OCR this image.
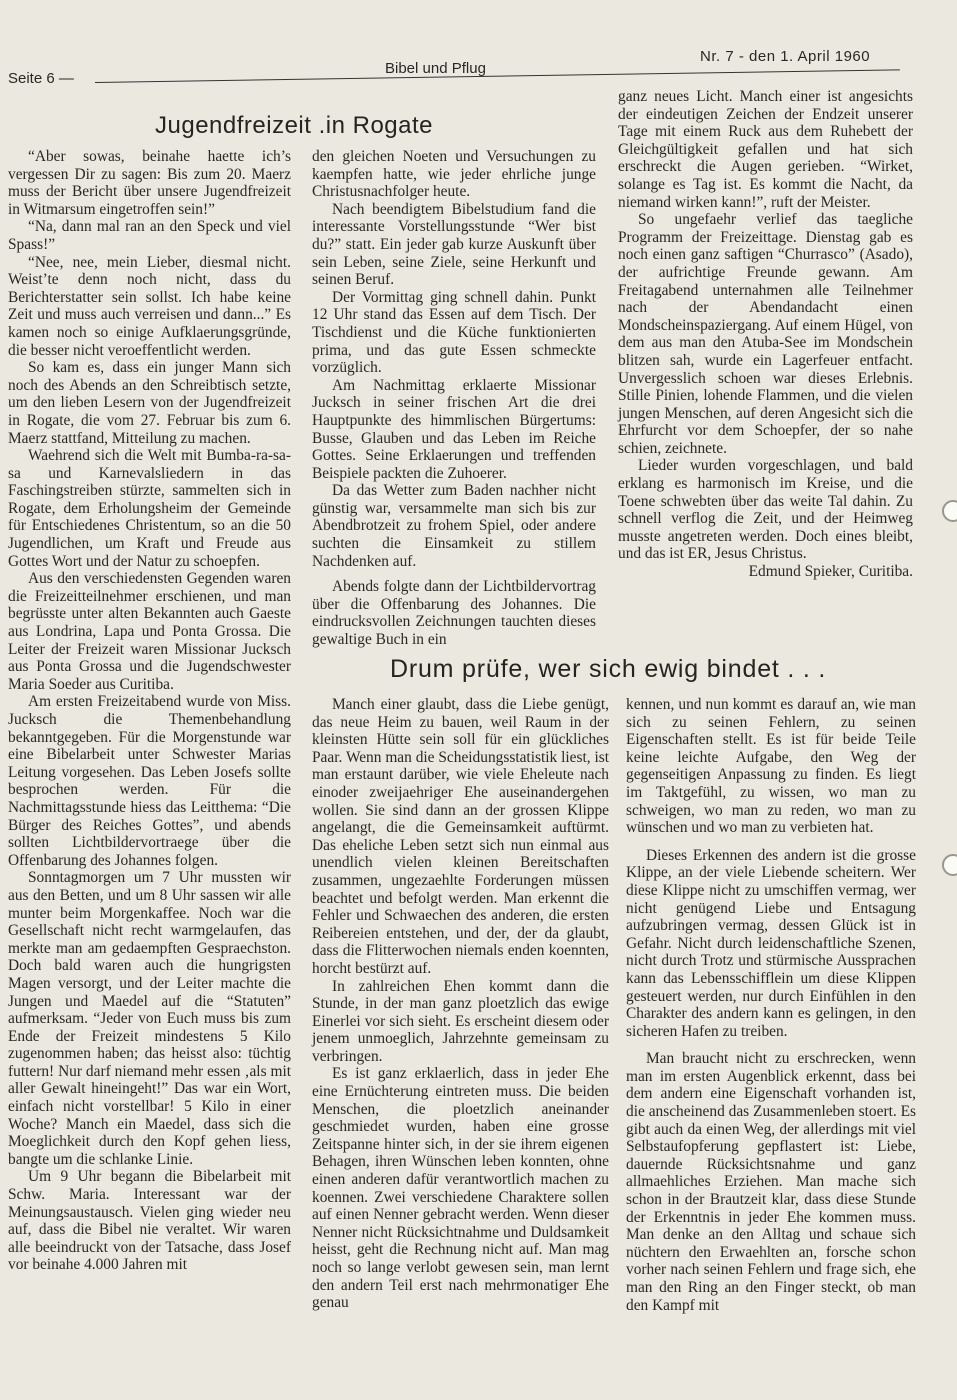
Seite 6 —
Bibel und Pflug
Nr. 7 - den 1. April 1960
Jugendfreizeit .in Rogate

“Aber sowas, beinahe haette ich’s vergessen Dir zu sagen: Bis zum 20. Maerz muss der Bericht über unsere Jugendfreizeit in Witmarsum eingetroffen sein!”

“Na, dann mal ran an den Speck und viel Spass!”

“Nee, nee, mein Lieber, diesmal nicht. Weist’te denn noch nicht, dass du Berichterstatter sein sollst. Ich habe keine Zeit und muss auch verreisen und dann...” Es kamen noch so einige Aufklaerungsgründe, die besser nicht veroeffentlicht werden.

So kam es, dass ein junger Mann sich noch des Abends an den Schreibtisch setzte, um den lieben Lesern von der Jugendfreizeit in Rogate, die vom 27. Februar bis zum 6. Maerz stattfand, Mitteilung zu machen.

Waehrend sich die Welt mit Bumba-ra-sa-sa und Karnevalsliedern in das Faschingstreiben stürzte, sammelten sich in Rogate, dem Erholungsheim der Gemeinde für Entschiedenes Christentum, so an die 50 Jugendlichen, um Kraft und Freude aus Gottes Wort und der Natur zu schoepfen.

Aus den verschiedensten Gegenden waren die Freizeitteilnehmer erschienen, und man begrüsste unter alten Bekannten auch Gaeste aus Londrina, Lapa und Ponta Grossa. Die Leiter der Freizeit waren Missionar Jucksch aus Ponta Grossa und die Jugendschwester Maria Soeder aus Curitiba.

Am ersten Freizeitabend wurde von Miss. Jucksch die Themenbehandlung bekanntgegeben. Für die Morgenstunde war eine Bibelarbeit unter Schwester Marias Leitung vorgesehen. Das Leben Josefs sollte besprochen werden. Für die Nachmittagsstunde hiess das Leitthema: “Die Bürger des Reiches Gottes”, und abends sollten Lichtbildervortraege über die Offenbarung des Johannes folgen.

Sonntagmorgen um 7 Uhr mussten wir aus den Betten, und um 8 Uhr sassen wir alle munter beim Morgenkaffee. Noch war die Gesellschaft nicht recht warmgelaufen, das merkte man am gedaempften Gespraechston. Doch bald waren auch die hungrigsten Magen versorgt, und der Leiter machte die Jungen und Maedel auf die “Statuten” aufmerksam. “Jeder von Euch muss bis zum Ende der Freizeit mindestens 5 Kilo zugenommen haben; das heisst also: tüchtig futtern! Nur darf niemand mehr essen ‚als mit aller Gewalt hineingeht!” Das war ein Wort, einfach nicht vorstellbar! 5 Kilo in einer Woche? Manch ein Maedel, dass sich die Moeglichkeit durch den Kopf gehen liess, bangte um die schlanke Linie.

Um 9 Uhr begann die Bibelarbeit mit Schw. Maria. Interessant war der Meinungsaustausch. Vielen ging wieder neu auf, dass die Bibel nie veraltet. Wir waren alle beeindruckt von der Tatsache, dass Josef vor beinahe 4.000 Jahren mit

den gleichen Noeten und Versuchungen zu kaempfen hatte, wie jeder ehrliche junge Christusnachfolger heute.

Nach beendigtem Bibelstudium fand die interessante Vorstellungsstunde “Wer bist du?” statt. Ein jeder gab kurze Auskunft über sein Leben, seine Ziele, seine Herkunft und seinen Beruf.

Der Vormittag ging schnell dahin. Punkt 12 Uhr stand das Essen auf dem Tisch. Der Tischdienst und die Küche funktionierten prima, und das gute Essen schmeckte vorzüglich.

Am Nachmittag erklaerte Missionar Jucksch in seiner frischen Art die drei Hauptpunkte des himmlischen Bürgertums: Busse, Glauben und das Leben im Reiche Gottes. Seine Erklaerungen und treffenden Beispiele packten die Zuhoerer.

Da das Wetter zum Baden nachher nicht günstig war, versammelte man sich bis zur Abendbrotzeit zu frohem Spiel, oder andere suchten die Einsamkeit zu stillem Nachdenken auf.

Abends folgte dann der Lichtbildervortrag über die Offenbarung des Johannes. Die eindrucksvollen Zeichnungen tauchten dieses gewaltige Buch in ein

ganz neues Licht. Manch einer ist angesichts der eindeutigen Zeichen der Endzeit unserer Tage mit einem Ruck aus dem Ruhebett der Gleichgültigkeit gefallen und hat sich erschreckt die Augen gerieben. “Wirket, solange es Tag ist. Es kommt die Nacht, da niemand wirken kann!”, ruft der Meister.

So ungefaehr verlief das taegliche Programm der Freizeittage. Dienstag gab es noch einen ganz saftigen “Churrasco” (Asado), der aufrichtige Freunde gewann. Am Freitagabend unternahmen alle Teilnehmer nach der Abendandacht einen Mondscheinspaziergang. Auf einem Hügel, von dem aus man den Atuba-See im Mondschein blitzen sah, wurde ein Lagerfeuer entfacht. Unvergesslich schoen war dieses Erlebnis. Stille Pinien, lohende Flammen, und die vielen jungen Menschen, auf deren Angesicht sich die Ehrfurcht vor dem Schoepfer, der so nahe schien, zeichnete.

Lieder wurden vorgeschlagen, und bald erklang es harmonisch im Kreise, und die Toene schwebten über das weite Tal dahin. Zu schnell verflog die Zeit, und der Heimweg musste angetreten werden. Doch eines bleibt, und das ist ER, Jesus Christus.

Edmund Spieker, Curitiba.

Drum prüfe, wer sich ewig bindet . . .

Manch einer glaubt, dass die Liebe genügt, das neue Heim zu bauen, weil Raum in der kleinsten Hütte sein soll für ein glückliches Paar. Wenn man die Scheidungsstatistik liest, ist man erstaunt darüber, wie viele Eheleute nach einoder zweijaehriger Ehe auseinandergehen wollen. Sie sind dann an der grossen Klippe angelangt, die die Gemeinsamkeit auftürmt. Das eheliche Leben setzt sich nun einmal aus unendlich vielen kleinen Bereitschaften zusammen, ungezaehlte Forderungen müssen beachtet und befolgt werden. Man erkennt die Fehler und Schwaechen des anderen, die ersten Reibereien entstehen, und der, der da glaubt, dass die Flitterwochen niemals enden koennten, horcht bestürzt auf.

In zahlreichen Ehen kommt dann die Stunde, in der man ganz ploetzlich das ewige Einerlei vor sich sieht. Es erscheint diesem oder jenem unmoeglich, Jahrzehnte gemeinsam zu verbringen.

Es ist ganz erklaerlich, dass in jeder Ehe eine Ernüchterung eintreten muss. Die beiden Menschen, die ploetzlich aneinander geschmiedet wurden, haben eine grosse Zeitspanne hinter sich, in der sie ihrem eigenen Behagen, ihren Wünschen leben konnten, ohne einen anderen dafür verantwortlich machen zu koennen. Zwei verschiedene Charaktere sollen auf einen Nenner gebracht werden. Wenn dieser Nenner nicht Rücksichtnahme und Duldsamkeit heisst, geht die Rechnung nicht auf. Man mag noch so lange verlobt gewesen sein, man lernt den andern Teil erst nach mehrmonatiger Ehe genau

kennen, und nun kommt es darauf an, wie man sich zu seinen Fehlern, zu seinen Eigenschaften stellt. Es ist für beide Teile keine leichte Aufgabe, den Weg der gegenseitigen Anpassung zu finden. Es liegt im Taktgefühl, zu wissen, wo man zu schweigen, wo man zu reden, wo man zu wünschen und wo man zu verbieten hat.

Dieses Erkennen des andern ist die grosse Klippe, an der viele Liebende scheitern. Wer diese Klippe nicht zu umschiffen vermag, wer nicht genügend Liebe und Entsagung aufzubringen vermag, dessen Glück ist in Gefahr. Nicht durch leidenschaftliche Szenen, nicht durch Trotz und stürmische Aussprachen kann das Lebensschifflein um diese Klippen gesteuert werden, nur durch Einfühlen in den Charakter des andern kann es gelingen, in den sicheren Hafen zu treiben.

Man braucht nicht zu erschrecken, wenn man im ersten Augenblick erkennt, dass bei dem andern eine Eigenschaft vorhanden ist, die anscheinend das Zusammenleben stoert. Es gibt auch da einen Weg, der allerdings mit viel Selbstaufopferung gepflastert ist: Liebe, dauernde Rücksichtsnahme und ganz allmaehliches Erziehen. Man mache sich schon in der Brautzeit klar, dass diese Stunde der Erkenntnis in jeder Ehe kommen muss. Man denke an den Alltag und schaue sich nüchtern den Erwaehlten an, forsche schon vorher nach seinen Fehlern und frage sich, ehe man den Ring an den Finger steckt, ob man den Kampf mit
